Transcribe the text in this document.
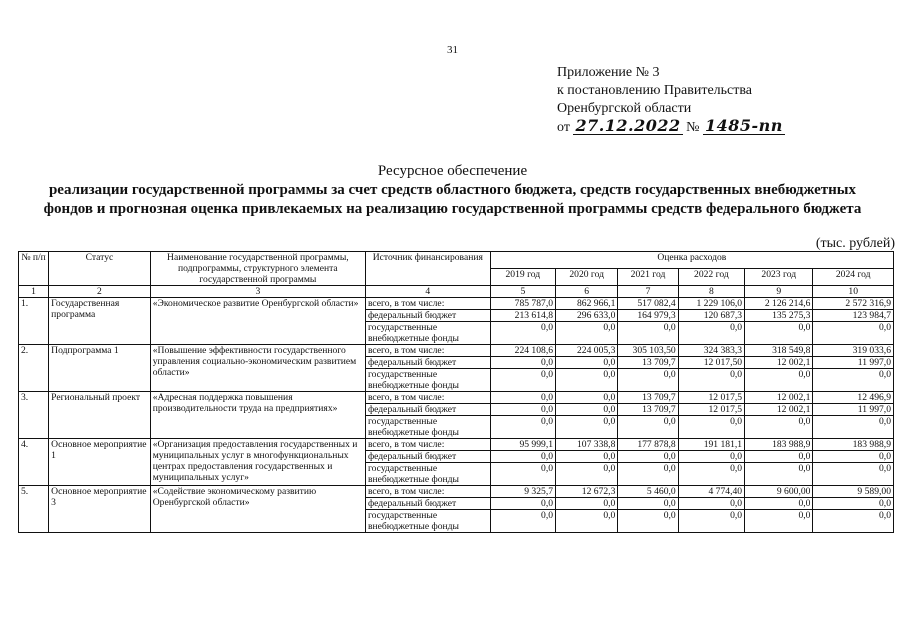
31
Приложение № 3
к постановлению Правительства
Оренбургской области
от 27.12.2022 № 1485-пп
Ресурсное обеспечение
реализации государственной программы за счет средств областного бюджета, средств государственных внебюджетных
фондов и прогнозная оценка привлекаемых на реализацию государственной программы средств федерального бюджета
(тыс. рублей)
№ п/п	Статус	Наименование государственной программы, подпрограммы, структурного элемента государственной программы	Источник финансирования	Оценка расходов					
				2019 год	2020 год	2021 год	2022 год	2023 год	2024 год
1	2	3	4	5	6	7	8	9	10
1.	Государственная программа	«Экономическое развитие Оренбургской области»	всего, в том числе:	785 787,0	862 966,1	517 082,4	1 229 106,0	2 126 214,6	2 572 316,9
			федеральный бюджет	213 614,8	296 633,0	164 979,3	120 687,3	135 275,3	123 984,7
			государственные внебюджетные фонды	0,0	0,0	0,0	0,0	0,0	0,0
2.	Подпрограмма 1	«Повышение эффективности государственного управления социально-экономическим развитием области»	всего, в том числе:	224 108,6	224 005,3	305 103,50	324 383,3	318 549,8	319 033,6
			федеральный бюджет	0,0	0,0	13 709,7	12 017,50	12 002,1	11 997,0
			государственные внебюджетные фонды	0,0	0,0	0,0	0,0	0,0	0,0
3.	Региональный проект	«Адресная поддержка повышения производительности труда на предприятиях»	всего, в том числе:	0,0	0,0	13 709,7	12 017,5	12 002,1	12 496,9
			федеральный бюджет	0,0	0,0	13 709,7	12 017,5	12 002,1	11 997,0
			государственные внебюджетные фонды	0,0	0,0	0,0	0,0	0,0	0,0
4.	Основное мероприятие 1	«Организация предоставления государственных и муниципальных услуг в многофункциональных центрах предоставления государственных и муниципальных услуг»	всего, в том числе:	95 999,1	107 338,8	177 878,8	191 181,1	183 988,9	183 988,9
			федеральный бюджет	0,0	0,0	0,0	0,0	0,0	0,0
			государственные внебюджетные фонды	0,0	0,0	0,0	0,0	0,0	0,0
5.	Основное мероприятие 3	«Содействие экономическому развитию Оренбургской области»	всего, в том числе:	9 325,7	12 672,3	5 460,0	4 774,40	9 600,00	9 589,00
			федеральный бюджет	0,0	0,0	0,0	0,0	0,0	0,0
			государственные внебюджетные фонды	0,0	0,0	0,0	0,0	0,0	0,0
